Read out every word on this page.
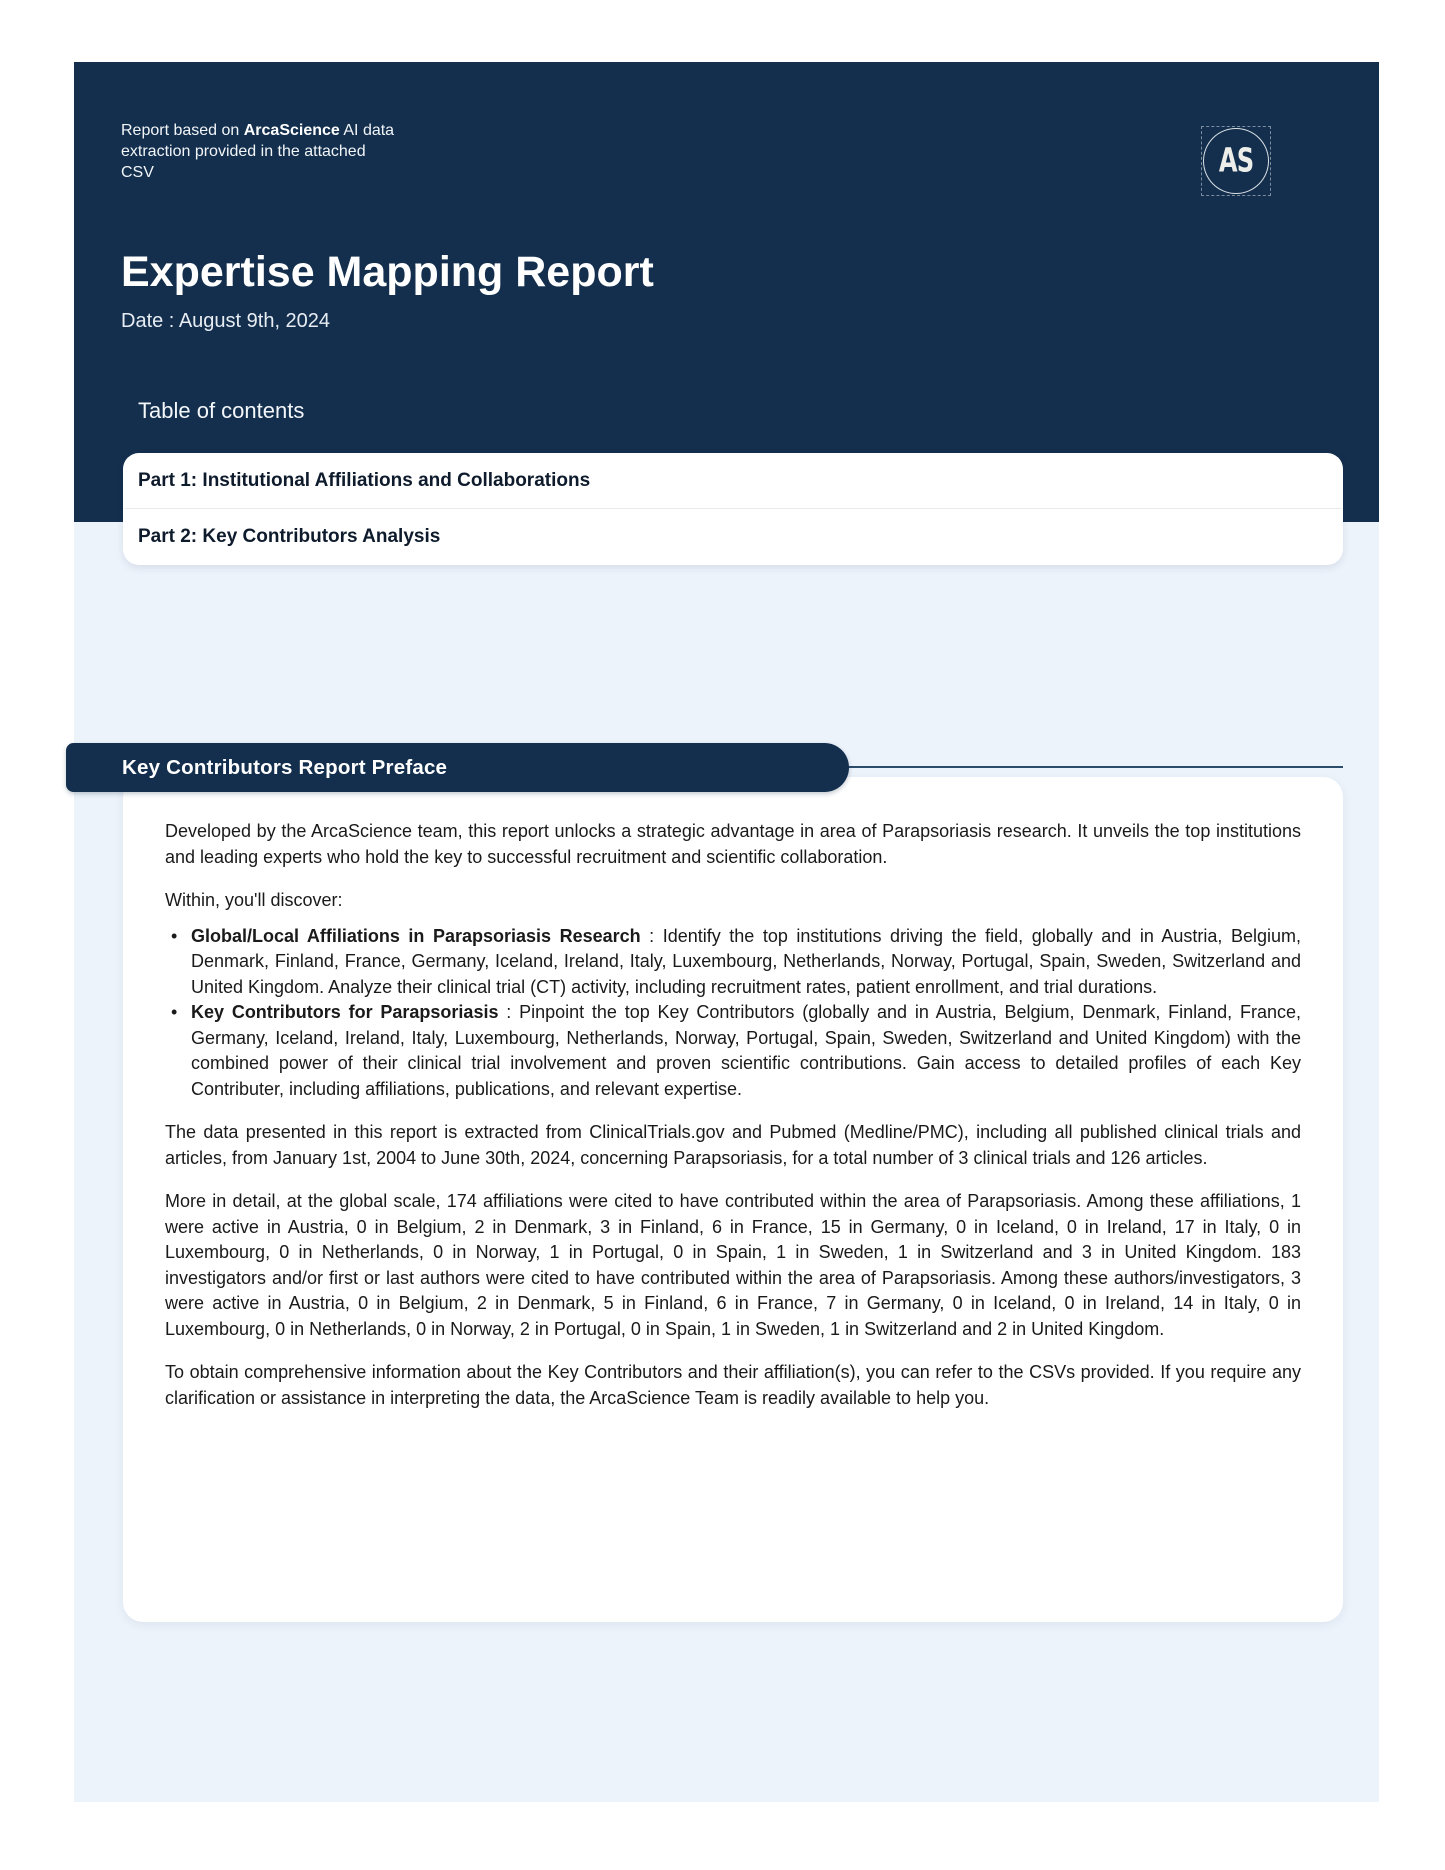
Report based on ArcaScience AI data extraction provided in the attached CSV	AS
Expertise Mapping Report

Date : August 9th, 2024

Table of contents
Part 1: Institutional Affiliations and Collaborations
Part 2: Key Contributors Analysis
Key Contributors Report Preface

Developed by the ArcaScience team, this report unlocks a strategic advantage in area of Parapsoriasis research. It unveils the top institutions and leading experts who hold the key to successful recruitment and scientific collaboration.

Within, you'll discover:

• Global/Local Affiliations in Parapsoriasis Research : Identify the top institutions driving the field, globally and in Austria, Belgium, Denmark, Finland, France, Germany, Iceland, Ireland, Italy, Luxembourg, Netherlands, Norway, Portugal, Spain, Sweden, Switzerland and United Kingdom. Analyze their clinical trial (CT) activity, including recruitment rates, patient enrollment, and trial durations.
• Key Contributors for Parapsoriasis : Pinpoint the top Key Contributors (globally and in Austria, Belgium, Denmark, Finland, France, Germany, Iceland, Ireland, Italy, Luxembourg, Netherlands, Norway, Portugal, Spain, Sweden, Switzerland and United Kingdom) with the combined power of their clinical trial involvement and proven scientific contributions. Gain access to detailed profiles of each Key Contributer, including affiliations, publications, and relevant expertise.

The data presented in this report is extracted from ClinicalTrials.gov and Pubmed (Medline/PMC), including all published clinical trials and articles, from January 1st, 2004 to June 30th, 2024, concerning Parapsoriasis, for a total number of 3 clinical trials and 126 articles.

More in detail, at the global scale, 174 affiliations were cited to have contributed within the area of Parapsoriasis. Among these affiliations, 1 were active in Austria, 0 in Belgium, 2 in Denmark, 3 in Finland, 6 in France, 15 in Germany, 0 in Iceland, 0 in Ireland, 17 in Italy, 0 in Luxembourg, 0 in Netherlands, 0 in Norway, 1 in Portugal, 0 in Spain, 1 in Sweden, 1 in Switzerland and 3 in United Kingdom. 183 investigators and/or first or last authors were cited to have contributed within the area of Parapsoriasis. Among these authors/investigators, 3 were active in Austria, 0 in Belgium, 2 in Denmark, 5 in Finland, 6 in France, 7 in Germany, 0 in Iceland, 0 in Ireland, 14 in Italy, 0 in Luxembourg, 0 in Netherlands, 0 in Norway, 2 in Portugal, 0 in Spain, 1 in Sweden, 1 in Switzerland and 2 in United Kingdom.

To obtain comprehensive information about the Key Contributors and their affiliation(s), you can refer to the CSVs provided. If you require any clarification or assistance in interpreting the data, the ArcaScience Team is readily available to help you.
